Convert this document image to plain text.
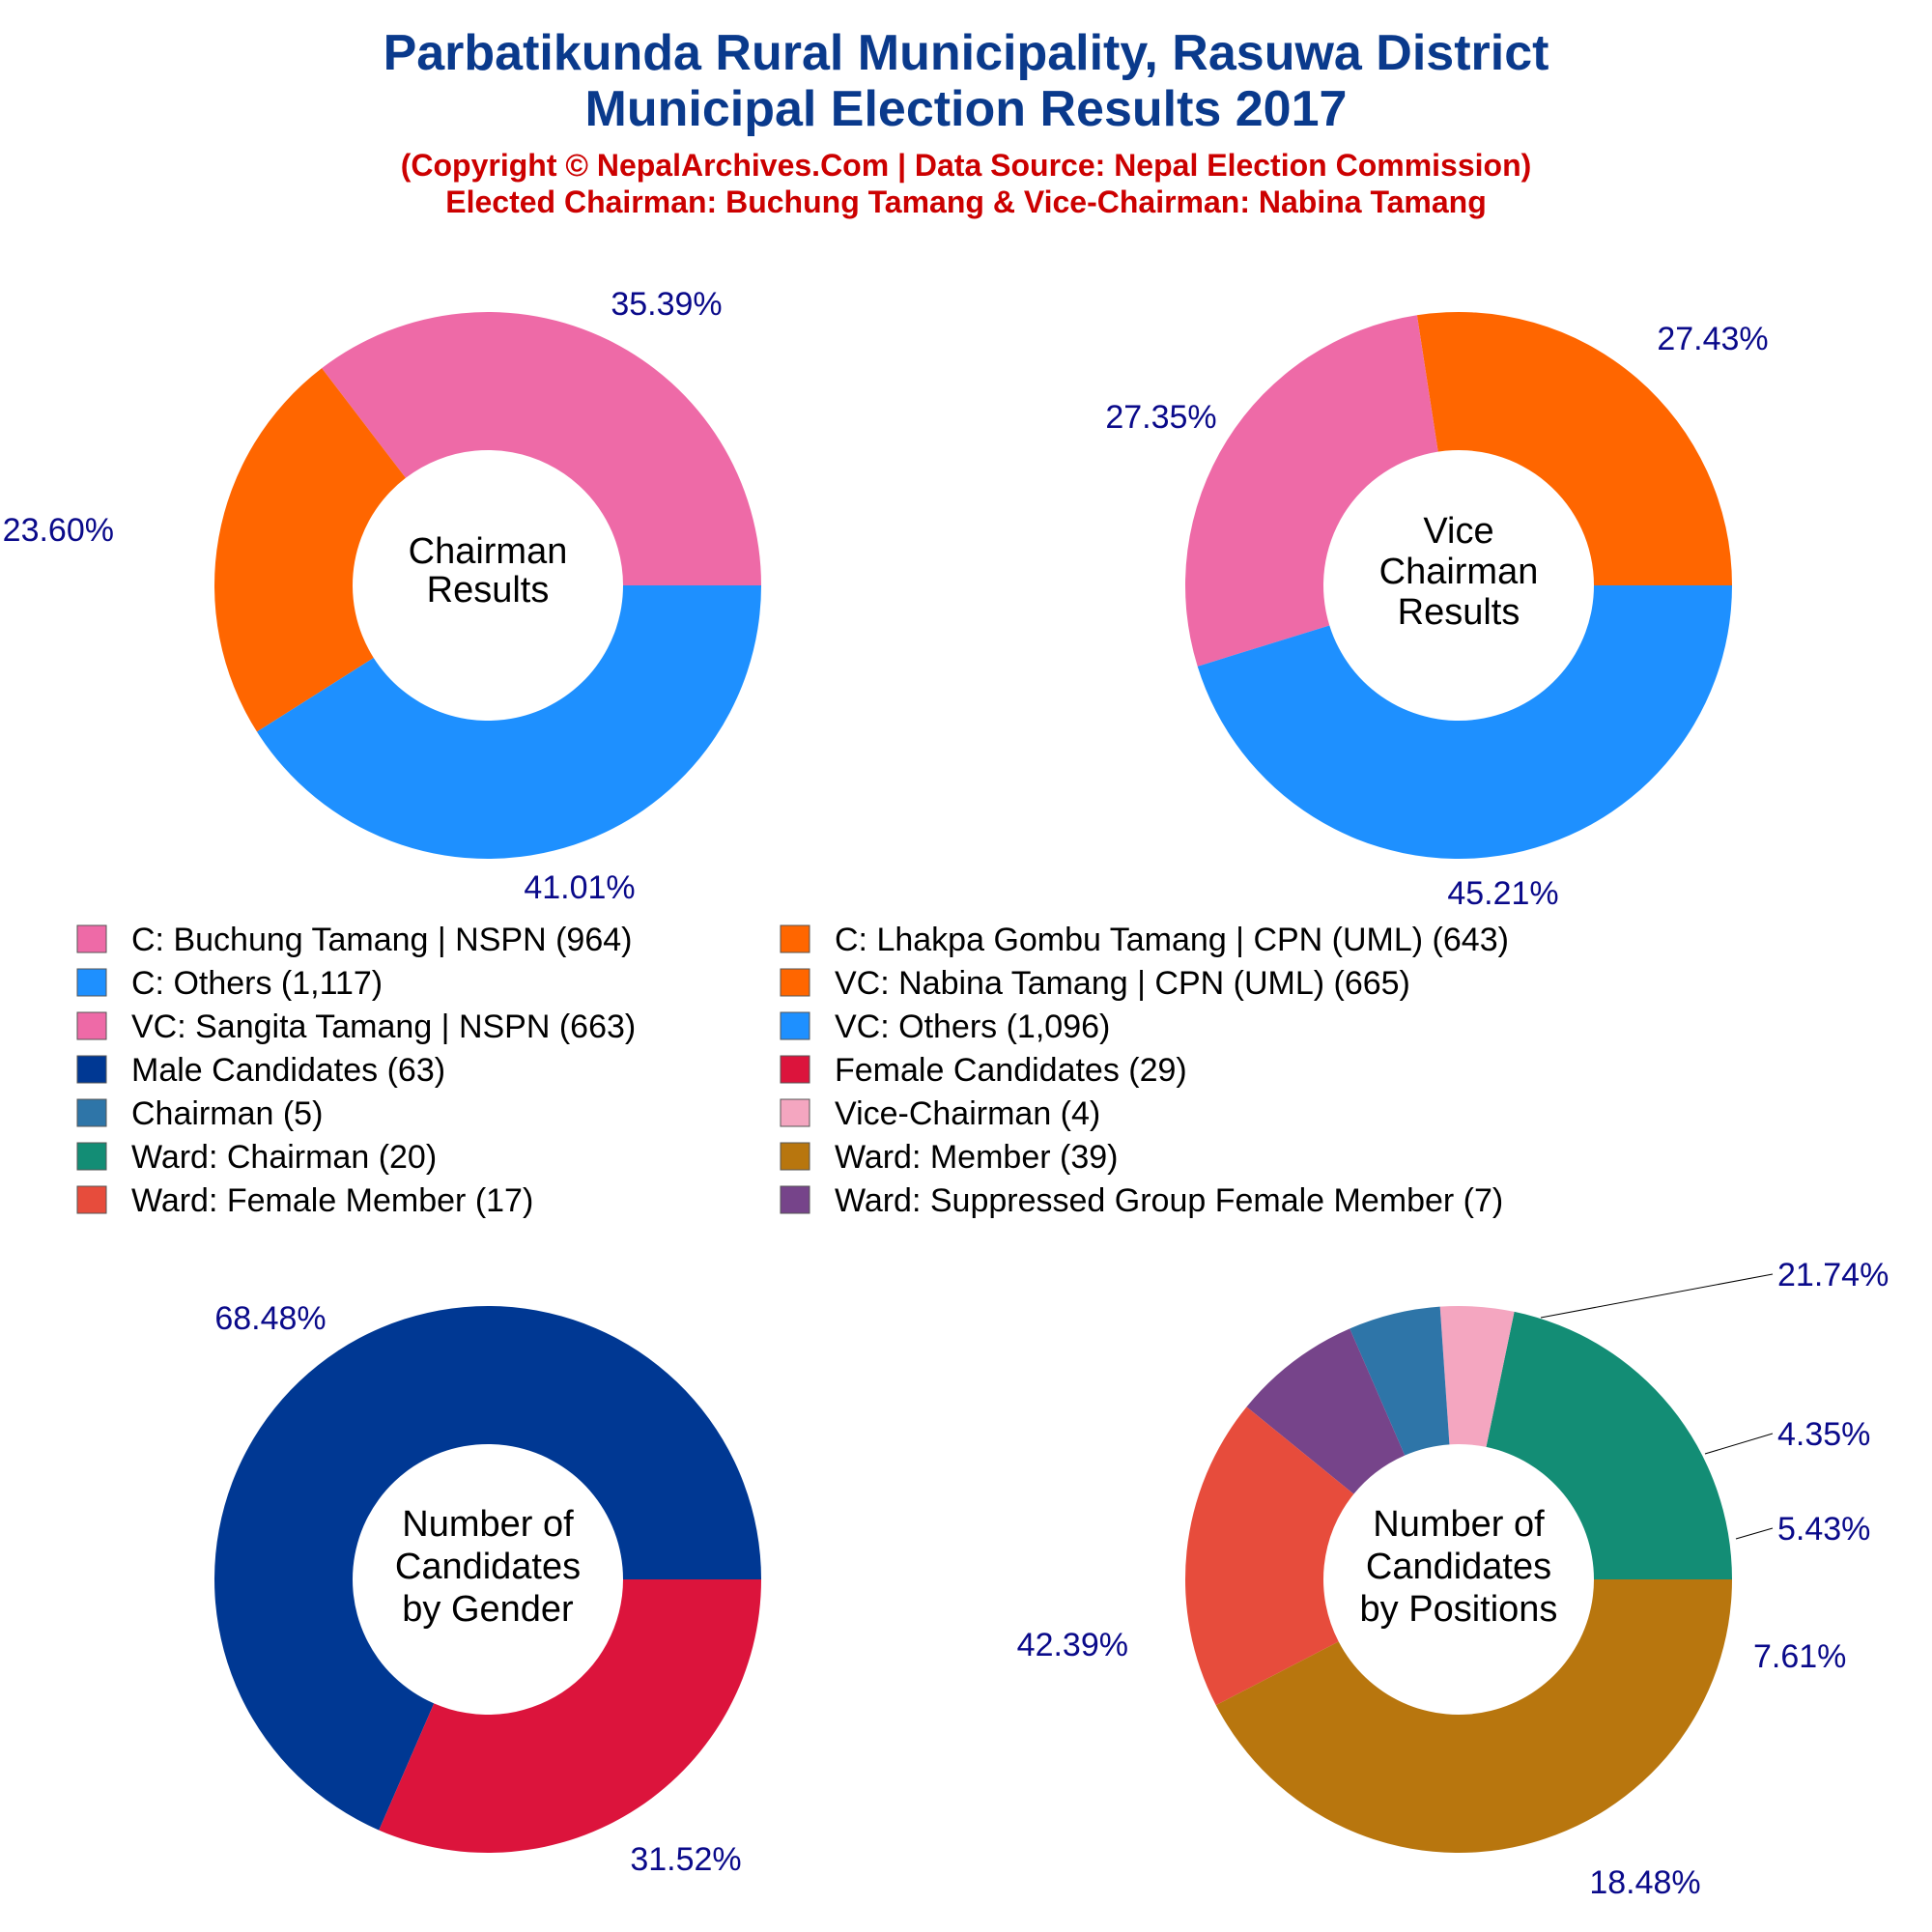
Parbatikunda Rural Municipality, Rasuwa District
Municipal Election Results 2017
(Copyright © NepalArchives.Com | Data Source: Nepal Election Commission)
Elected Chairman: Buchung Tamang & Vice-Chairman: Nabina Tamang
35.39%
23.60%
41.01%
Chairman
Results
27.43%
27.35%
45.21%
Vice
Chairman
Results
68.48%
31.52%
Number of
Candidates
by Gender
21.74%
4.35%
5.43%
7.61%
18.48%
42.39%
Number of
Candidates
by Positions
C: Buchung Tamang | NSPN (964)	C: Lhakpa Gombu Tamang | CPN (UML) (643)
C: Others (1,117)	VC: Nabina Tamang | CPN (UML) (665)
VC: Sangita Tamang | NSPN (663)	VC: Others (1,096)
Male Candidates (63)	Female Candidates (29)
Chairman (5)	Vice-Chairman (4)
Ward: Chairman (20)	Ward: Member (39)
Ward: Female Member (17)	Ward: Suppressed Group Female Member (7)
